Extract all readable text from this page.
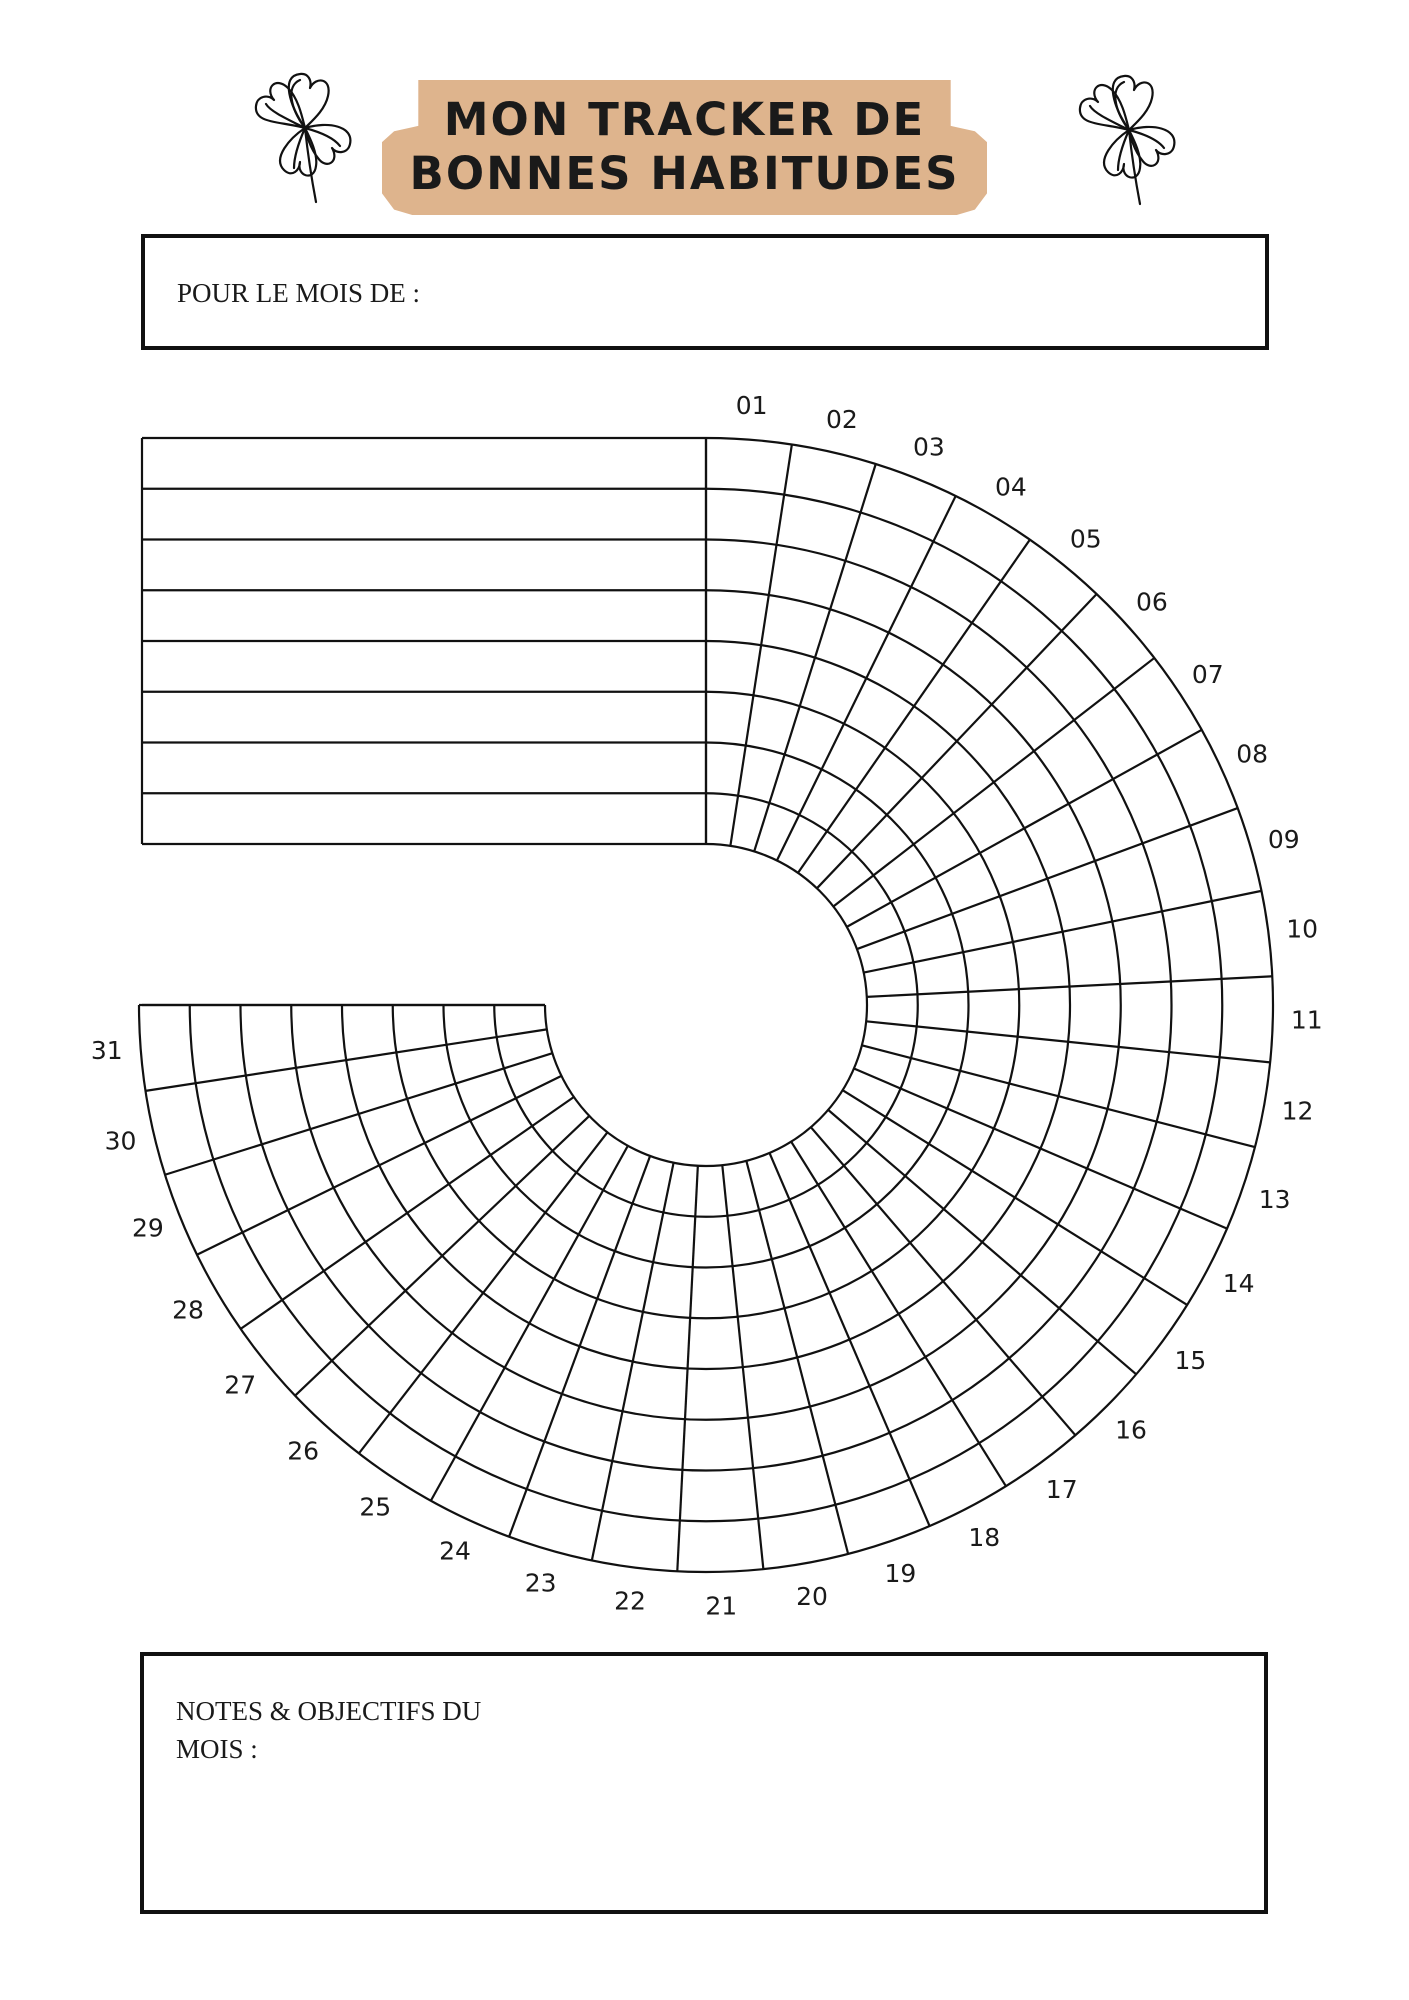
MON TRACKER DE
BONNES HABITUDES
POUR LE MOIS DE :
01 02
03
04
05
06
07
08
09
10
11
12
13
14
15
16
17
18
19
20
21
22
23
24
25
26
27
28
29
30
31
NOTES & OBJECTIFS DU
MOIS :
